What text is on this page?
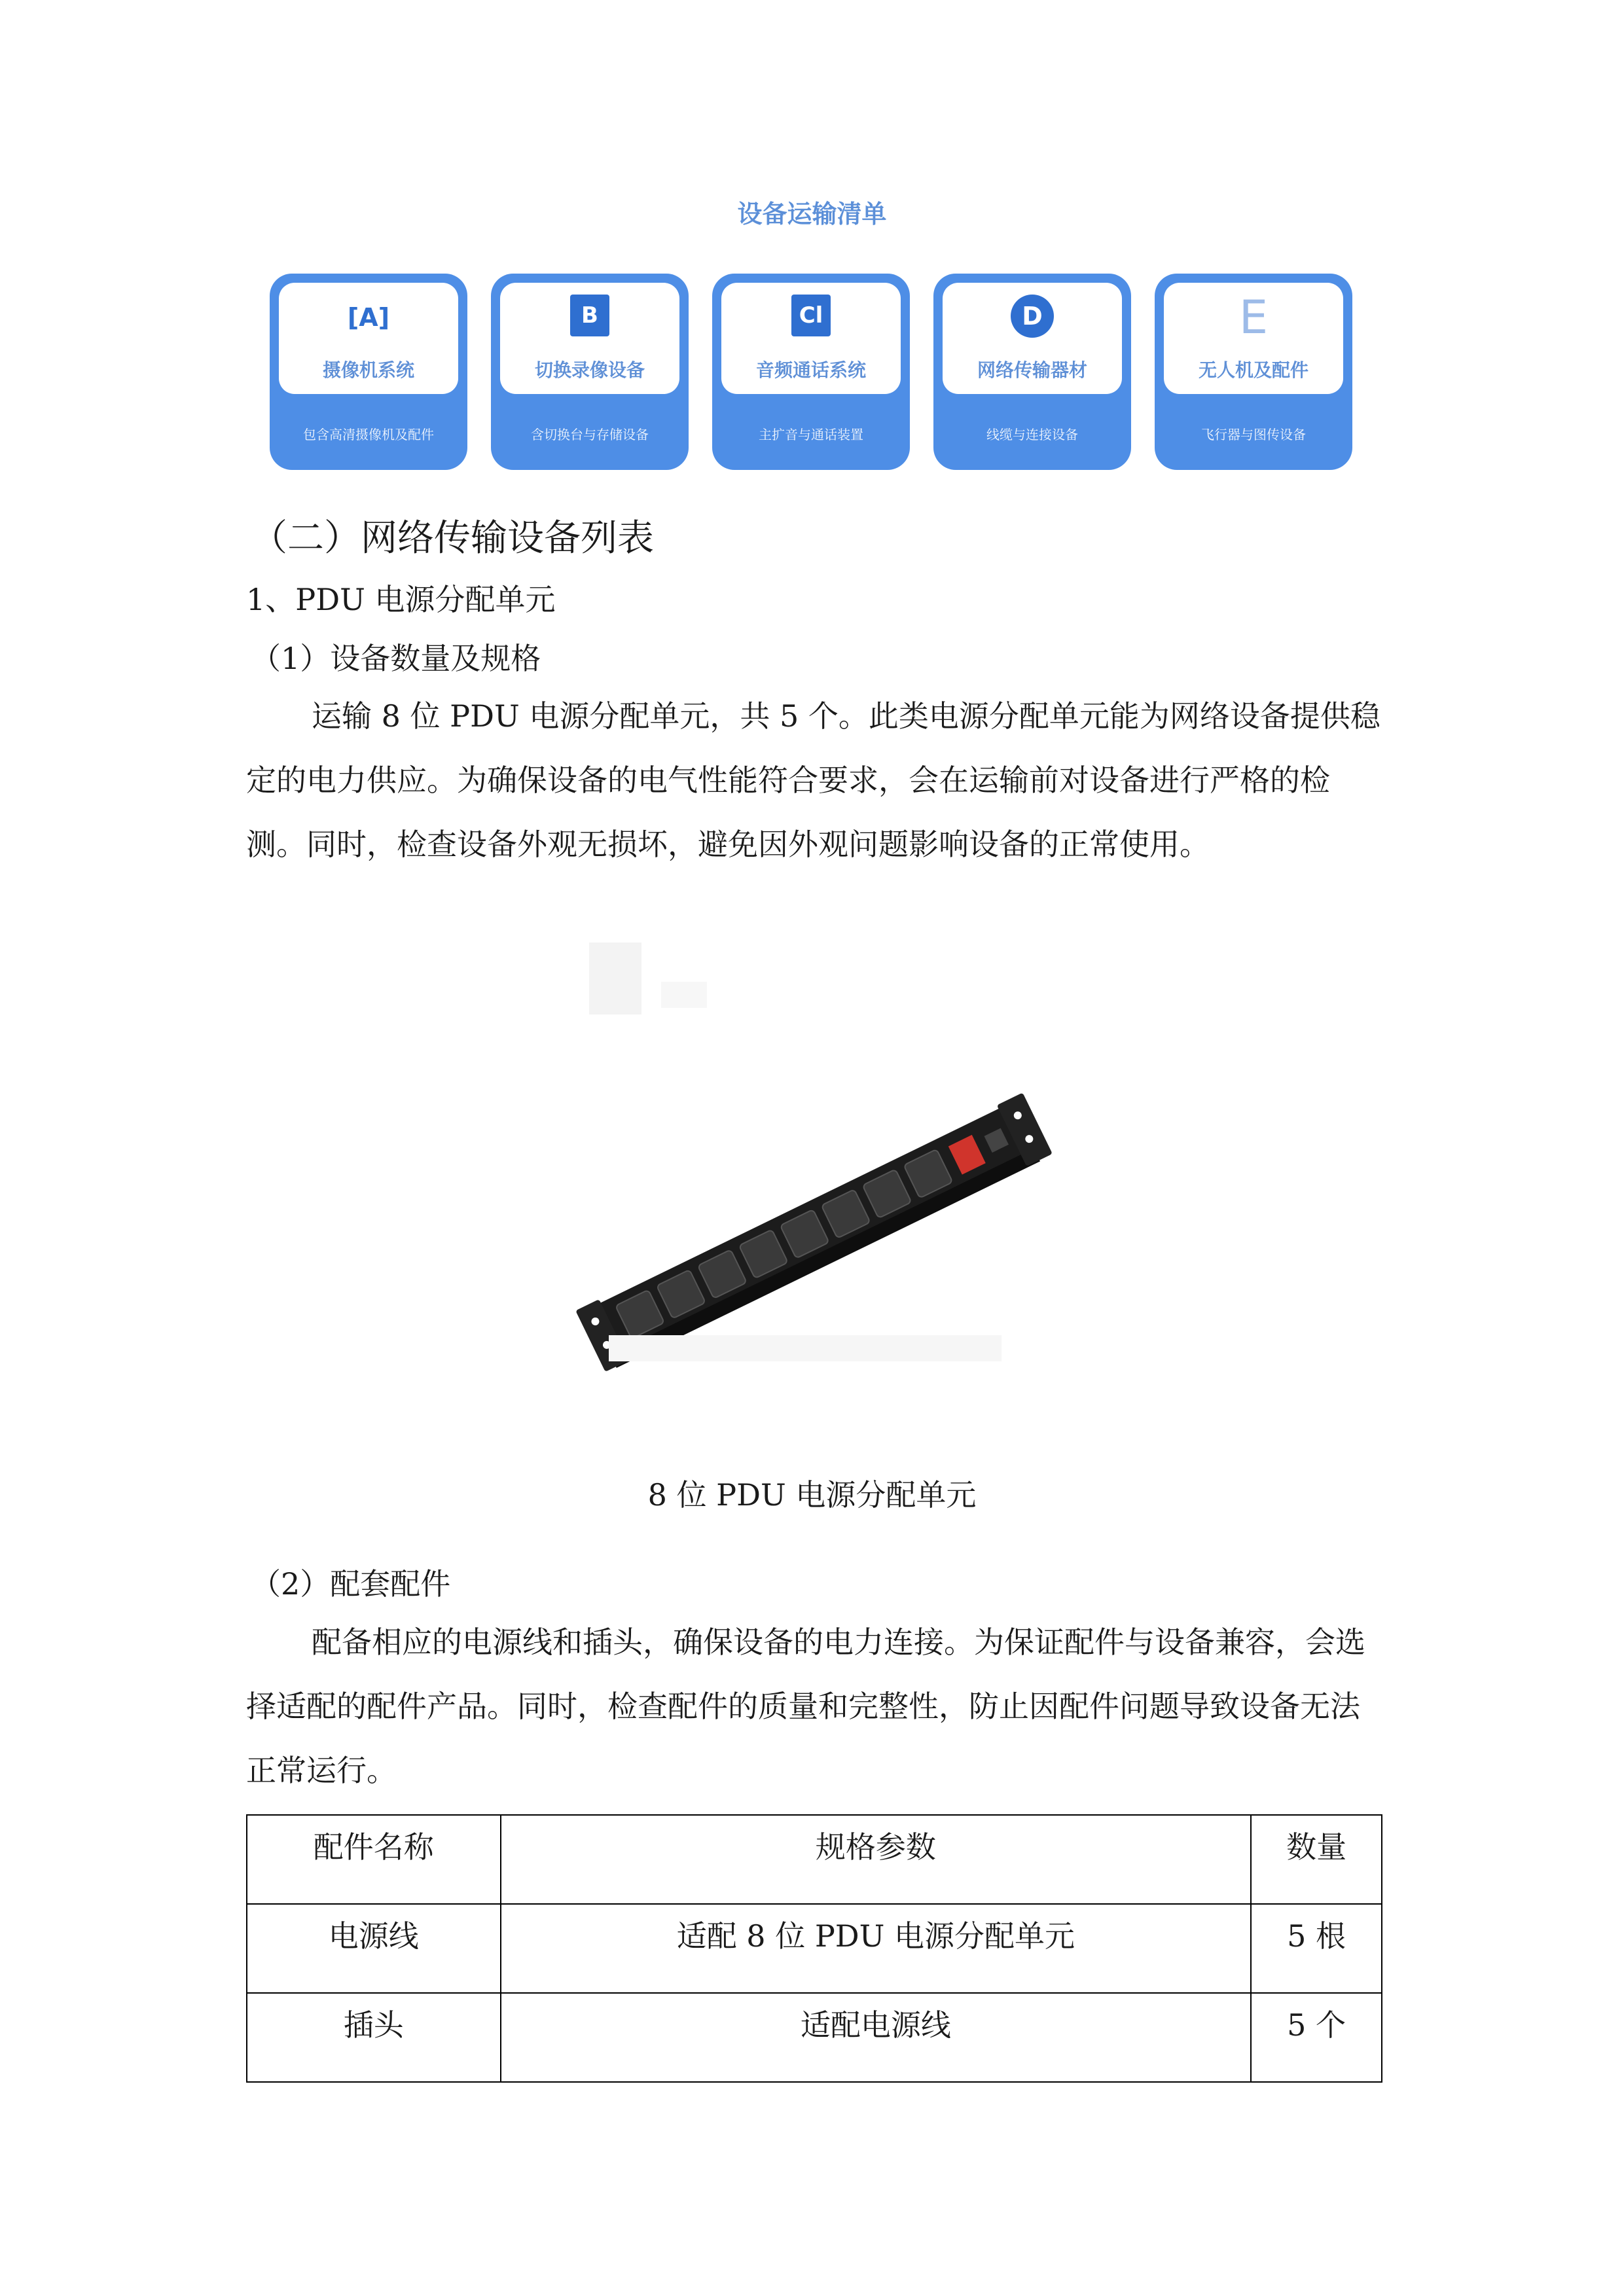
设备运输清单
[ A ]
摄像机系统
包含高清摄像机及配件
B
切换录像设备
含切换台与存储设备
Cl
音频通话系统
主扩音与通话装置
D
网络传输器材
线缆与连接设备
E
无人机及配件
飞行器与图传设备
（二）网络传输设备列表
1、PDU 电源分配单元
（1）设备数量及规格
运输 8 位 PDU 电源分配单元，共 5 个。此类电源分配单元能为网络设备提供稳定的电力供应。为确保设备的电气性能符合要求，会在运输前对设备进行严格的检测。同时，检查设备外观无损坏，避免因外观问题影响设备的正常使用。
8 位 PDU 电源分配单元
（2）配套配件
配备相应的电源线和插头，确保设备的电力连接。为保证配件与设备兼容，会选择适配的配件产品。同时，检查配件的质量和完整性，防止因配件问题导致设备无法正常运行。
配件名称	规格参数	数量
电源线	适配 8 位 PDU 电源分配单元	5 根
插头	适配电源线	5 个
